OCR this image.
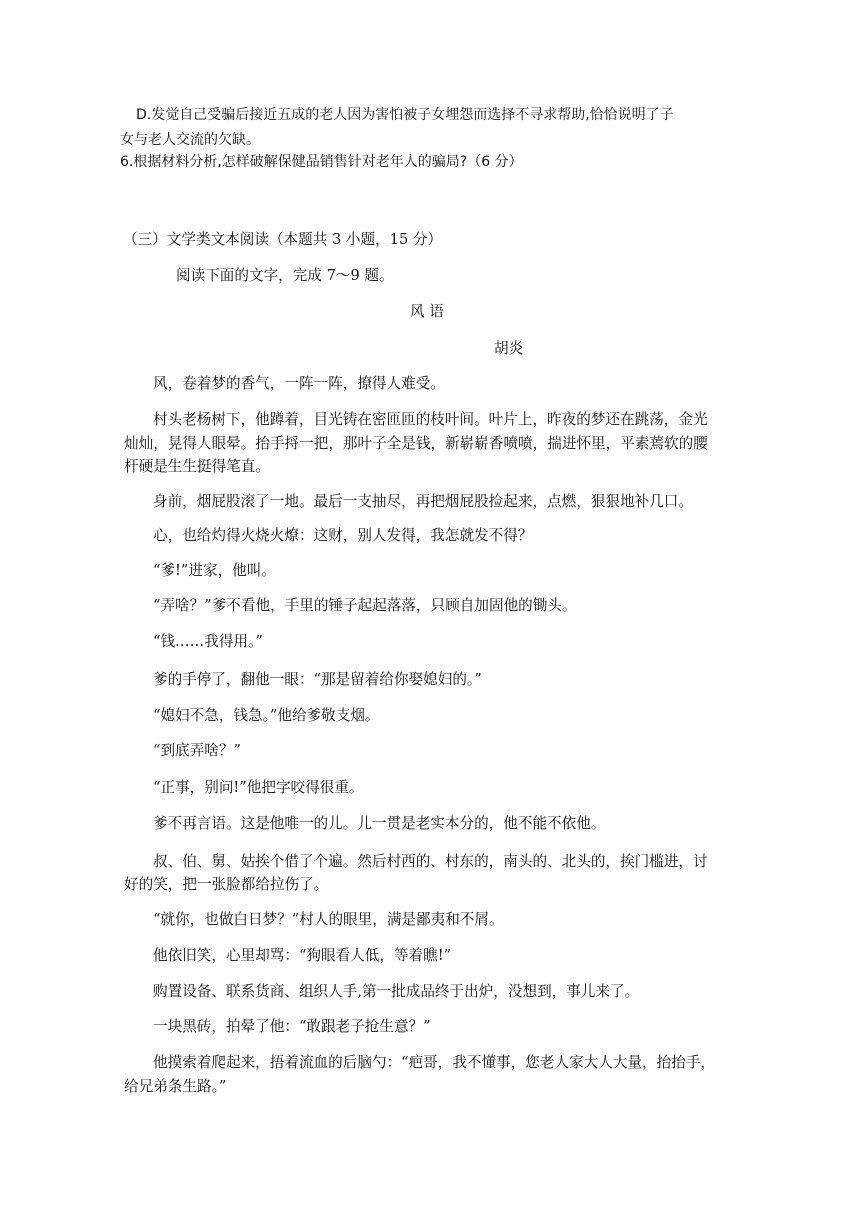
D.发觉自己受骗后接近五成的老人因为害怕被子女埋怨而选择不寻求帮助,恰恰说明了子
女与老人交流的欠缺。
6.根据材料分析,怎样破解保健品销售针对老年人的骗局?（6 分）
（三）文学类文本阅读（本题共 3 小题，15 分）
阅读下面的文字，完成 7～9 题。
风 语
胡炎
风，卷着梦的香气，一阵一阵，撩得人难受。
村头老杨树下，他蹲着，目光铸在密匝匝的枝叶间。叶片上，昨夜的梦还在跳荡，金光
灿灿，晃得人眼晕。抬手捋一把，那叶子全是钱，新崭崭香喷喷，揣进怀里，平素蔫软的腰
杆硬是生生挺得笔直。
身前，烟屁股滚了一地。最后一支抽尽，再把烟屁股捡起来，点燃，狠狠地补几口。
心，也给灼得火烧火燎：这财，别人发得，我怎就发不得？
“爹!”进家，他叫。
“弄啥？”爹不看他，手里的锤子起起落落，只顾自加固他的锄头。
“钱……我得用。”
爹的手停了，翻他一眼：“那是留着给你娶媳妇的。”
“媳妇不急，钱急。”他给爹敬支烟。
“到底弄啥？”
“正事，别问!”他把字咬得很重。
爹不再言语。这是他唯一的儿。儿一贯是老实本分的，他不能不依他。
叔、伯、舅、姑挨个借了个遍。然后村西的、村东的，南头的、北头的，挨门槛进，讨
好的笑，把一张脸都给拉伤了。
“就你，也做白日梦？”村人的眼里，满是鄙夷和不屑。
他依旧笑，心里却骂：“狗眼看人低，等着瞧!”
购置设备、联系货商、组织人手,第一批成品终于出炉，没想到，事儿来了。
一块黑砖，拍晕了他：“敢跟老子抢生意？”
他摸索着爬起来，捂着流血的后脑勺：“疤哥，我不懂事，您老人家大人大量，抬抬手，
给兄弟条生路。”
